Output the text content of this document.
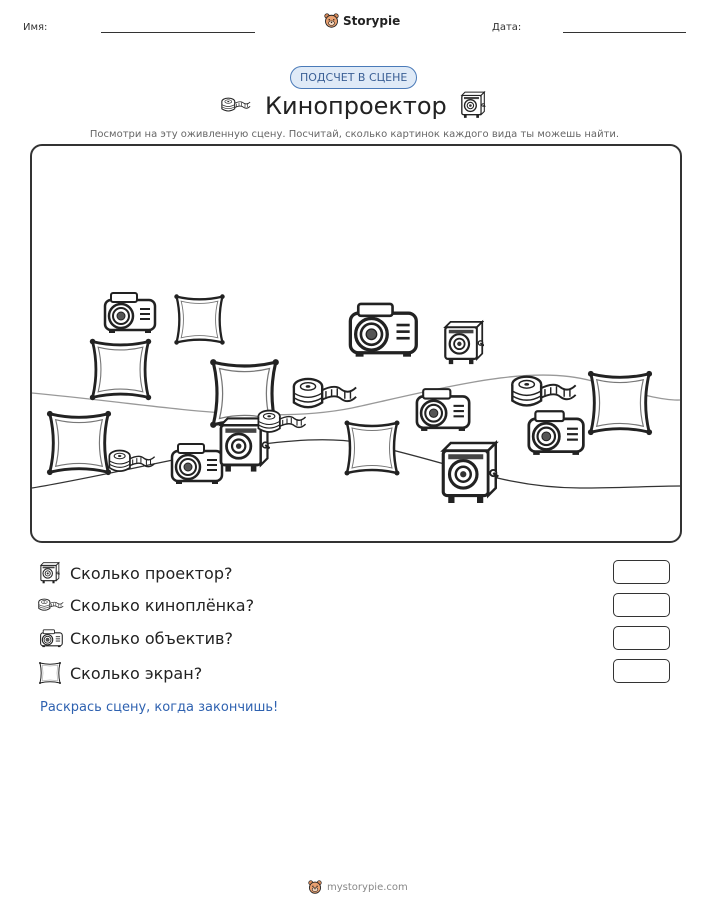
Имя:	Storypie	Дата:
ПОДСЧЕТ В СЦЕНЕ
Кинопроектор
Посмотри на эту оживленную сцену. Посчитай, сколько картинок каждого вида ты можешь найти.
Сколько проектор?
Сколько киноплёнка?
Сколько объектив?
Сколько экран?
Раскрась сцену, когда закончишь!
mystorypie.com
